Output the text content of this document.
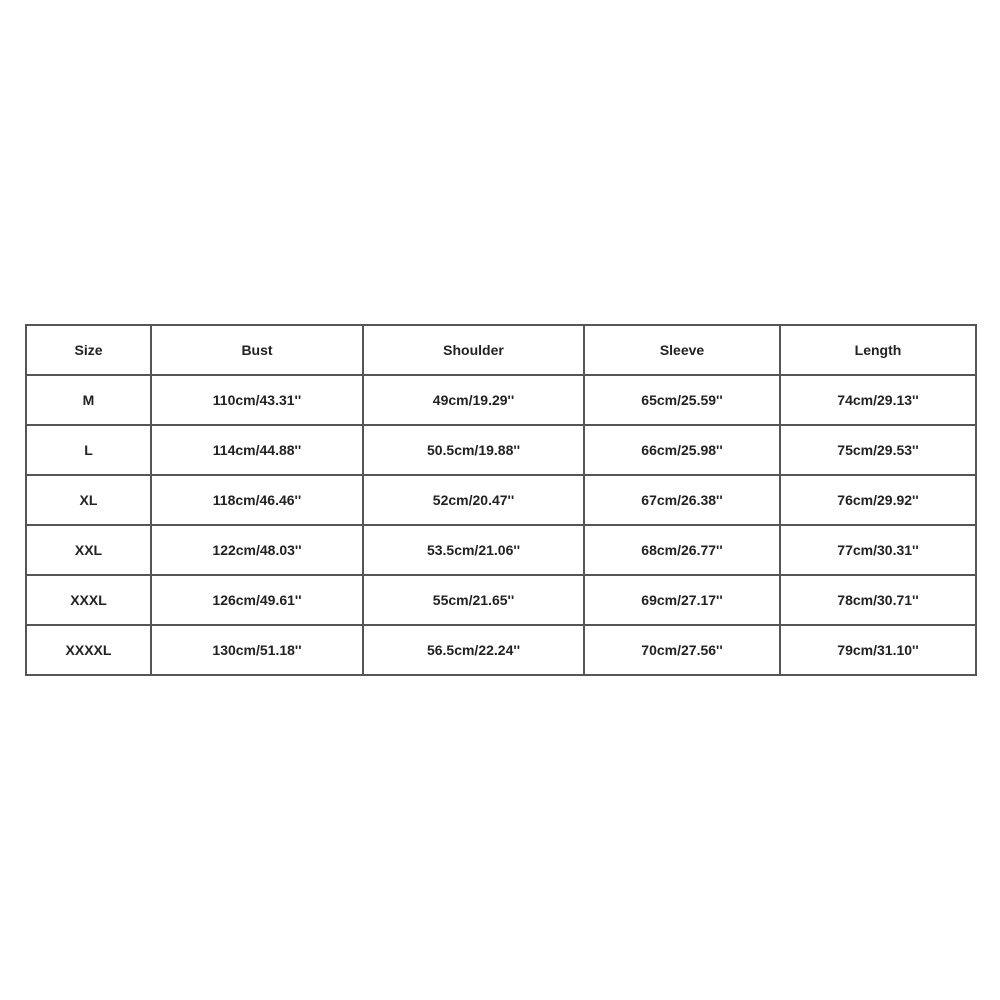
Size	Bust	Shoulder	Sleeve	Length
M	110cm/43.31''	49cm/19.29''	65cm/25.59''	74cm/29.13''
L	114cm/44.88''	50.5cm/19.88''	66cm/25.98''	75cm/29.53''
XL	118cm/46.46''	52cm/20.47''	67cm/26.38''	76cm/29.92''
XXL	122cm/48.03''	53.5cm/21.06''	68cm/26.77''	77cm/30.31''
XXXL	126cm/49.61''	55cm/21.65''	69cm/27.17''	78cm/30.71''
XXXXL	130cm/51.18''	56.5cm/22.24''	70cm/27.56''	79cm/31.10''
